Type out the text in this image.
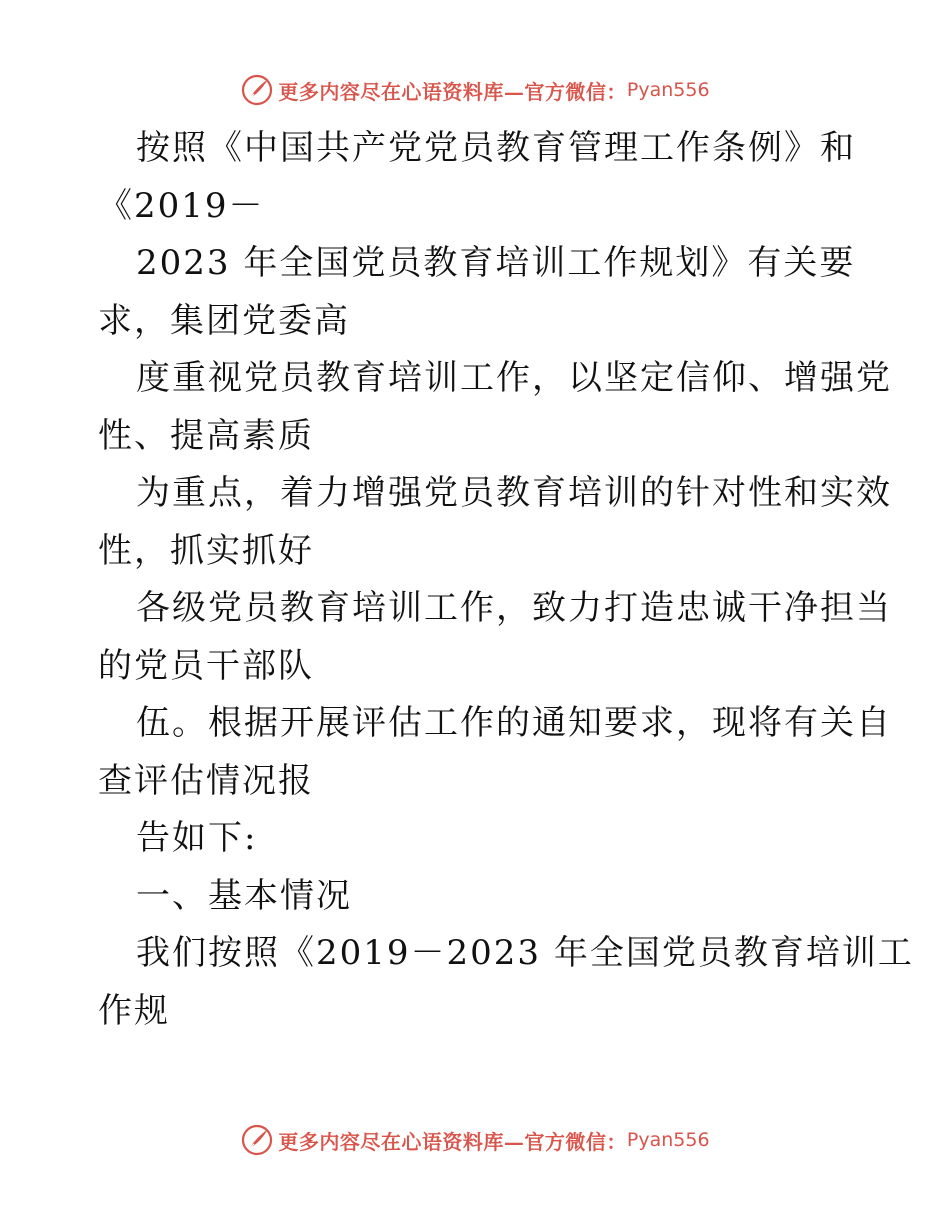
更多内容尽在心语资料库—官方微信： Pyan556
按照《中国共产党党员教育管理工作条例》和
《2019－
2023 年全国党员教育培训工作规划》有关要
求，集团党委高
度重视党员教育培训工作，以坚定信仰、增强党
性、提高素质
为重点，着力增强党员教育培训的针对性和实效
性，抓实抓好
各级党员教育培训工作，致力打造忠诚干净担当
的党员干部队
伍。根据开展评估工作的通知要求，现将有关自
查评估情况报
告如下:
一、基本情况
我们按照《2019－2023 年全国党员教育培训工
作规
更多内容尽在心语资料库—官方微信： Pyan556
